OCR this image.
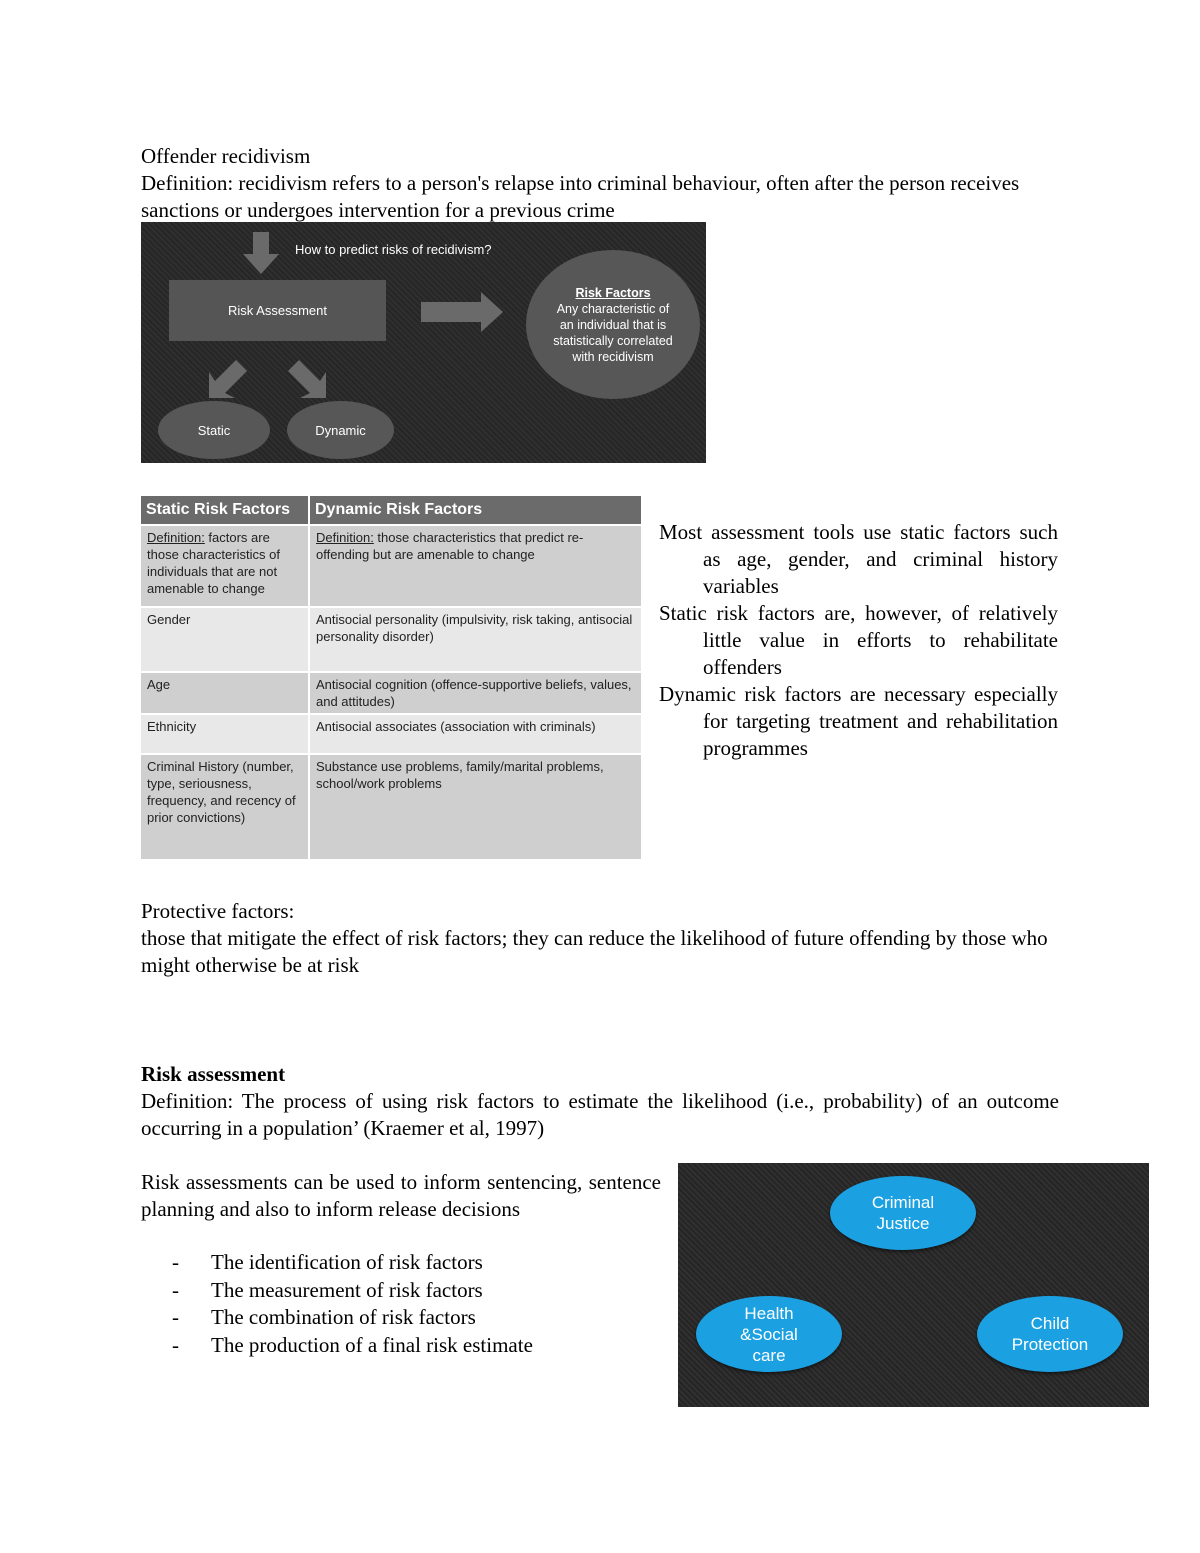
Offender recidivism
Definition: recidivism refers to a person's relapse into criminal behaviour, often after the person receives sanctions or undergoes intervention for a previous crime
How to predict risks of recidivism?
Risk Assessment
Risk Factors
Any characteristic of an individual that is statistically correlated with recidivism
Static	Dynamic
Static Risk Factors	Dynamic Risk Factors
Definition: factors are those characteristics of individuals that are not amenable to change	Definition: those characteristics that predict re-offending but are amenable to change
Gender	Antisocial personality (impulsivity, risk taking, antisocial personality disorder)
Age	Antisocial cognition (offence-supportive beliefs, values, and attitudes)
Ethnicity	Antisocial associates (association with criminals)
Criminal History (number, type, seriousness, frequency, and recency of prior convictions)	Substance use problems, family/marital problems, school/work problems
Most assessment tools use static factors such as age, gender, and criminal history variables
Static risk factors are, however, of relatively little value in efforts to rehabilitate offenders
Dynamic risk factors are necessary especially for targeting treatment and rehabilitation programmes
Protective factors:
those that mitigate the effect of risk factors; they can reduce the likelihood of future offending by those who might otherwise be at risk
Risk assessment
Definition: The process of using risk factors to estimate the likelihood (i.e., probability) of an outcome occurring in a population’ (Kraemer et al, 1997)
Risk assessments can be used to inform sentencing, sentence planning and also to inform release decisions
-	The identification of risk factors
-	The measurement of risk factors
-	The combination of risk factors
-	The production of a final risk estimate
Criminal Justice
Health &Social care
Child Protection
